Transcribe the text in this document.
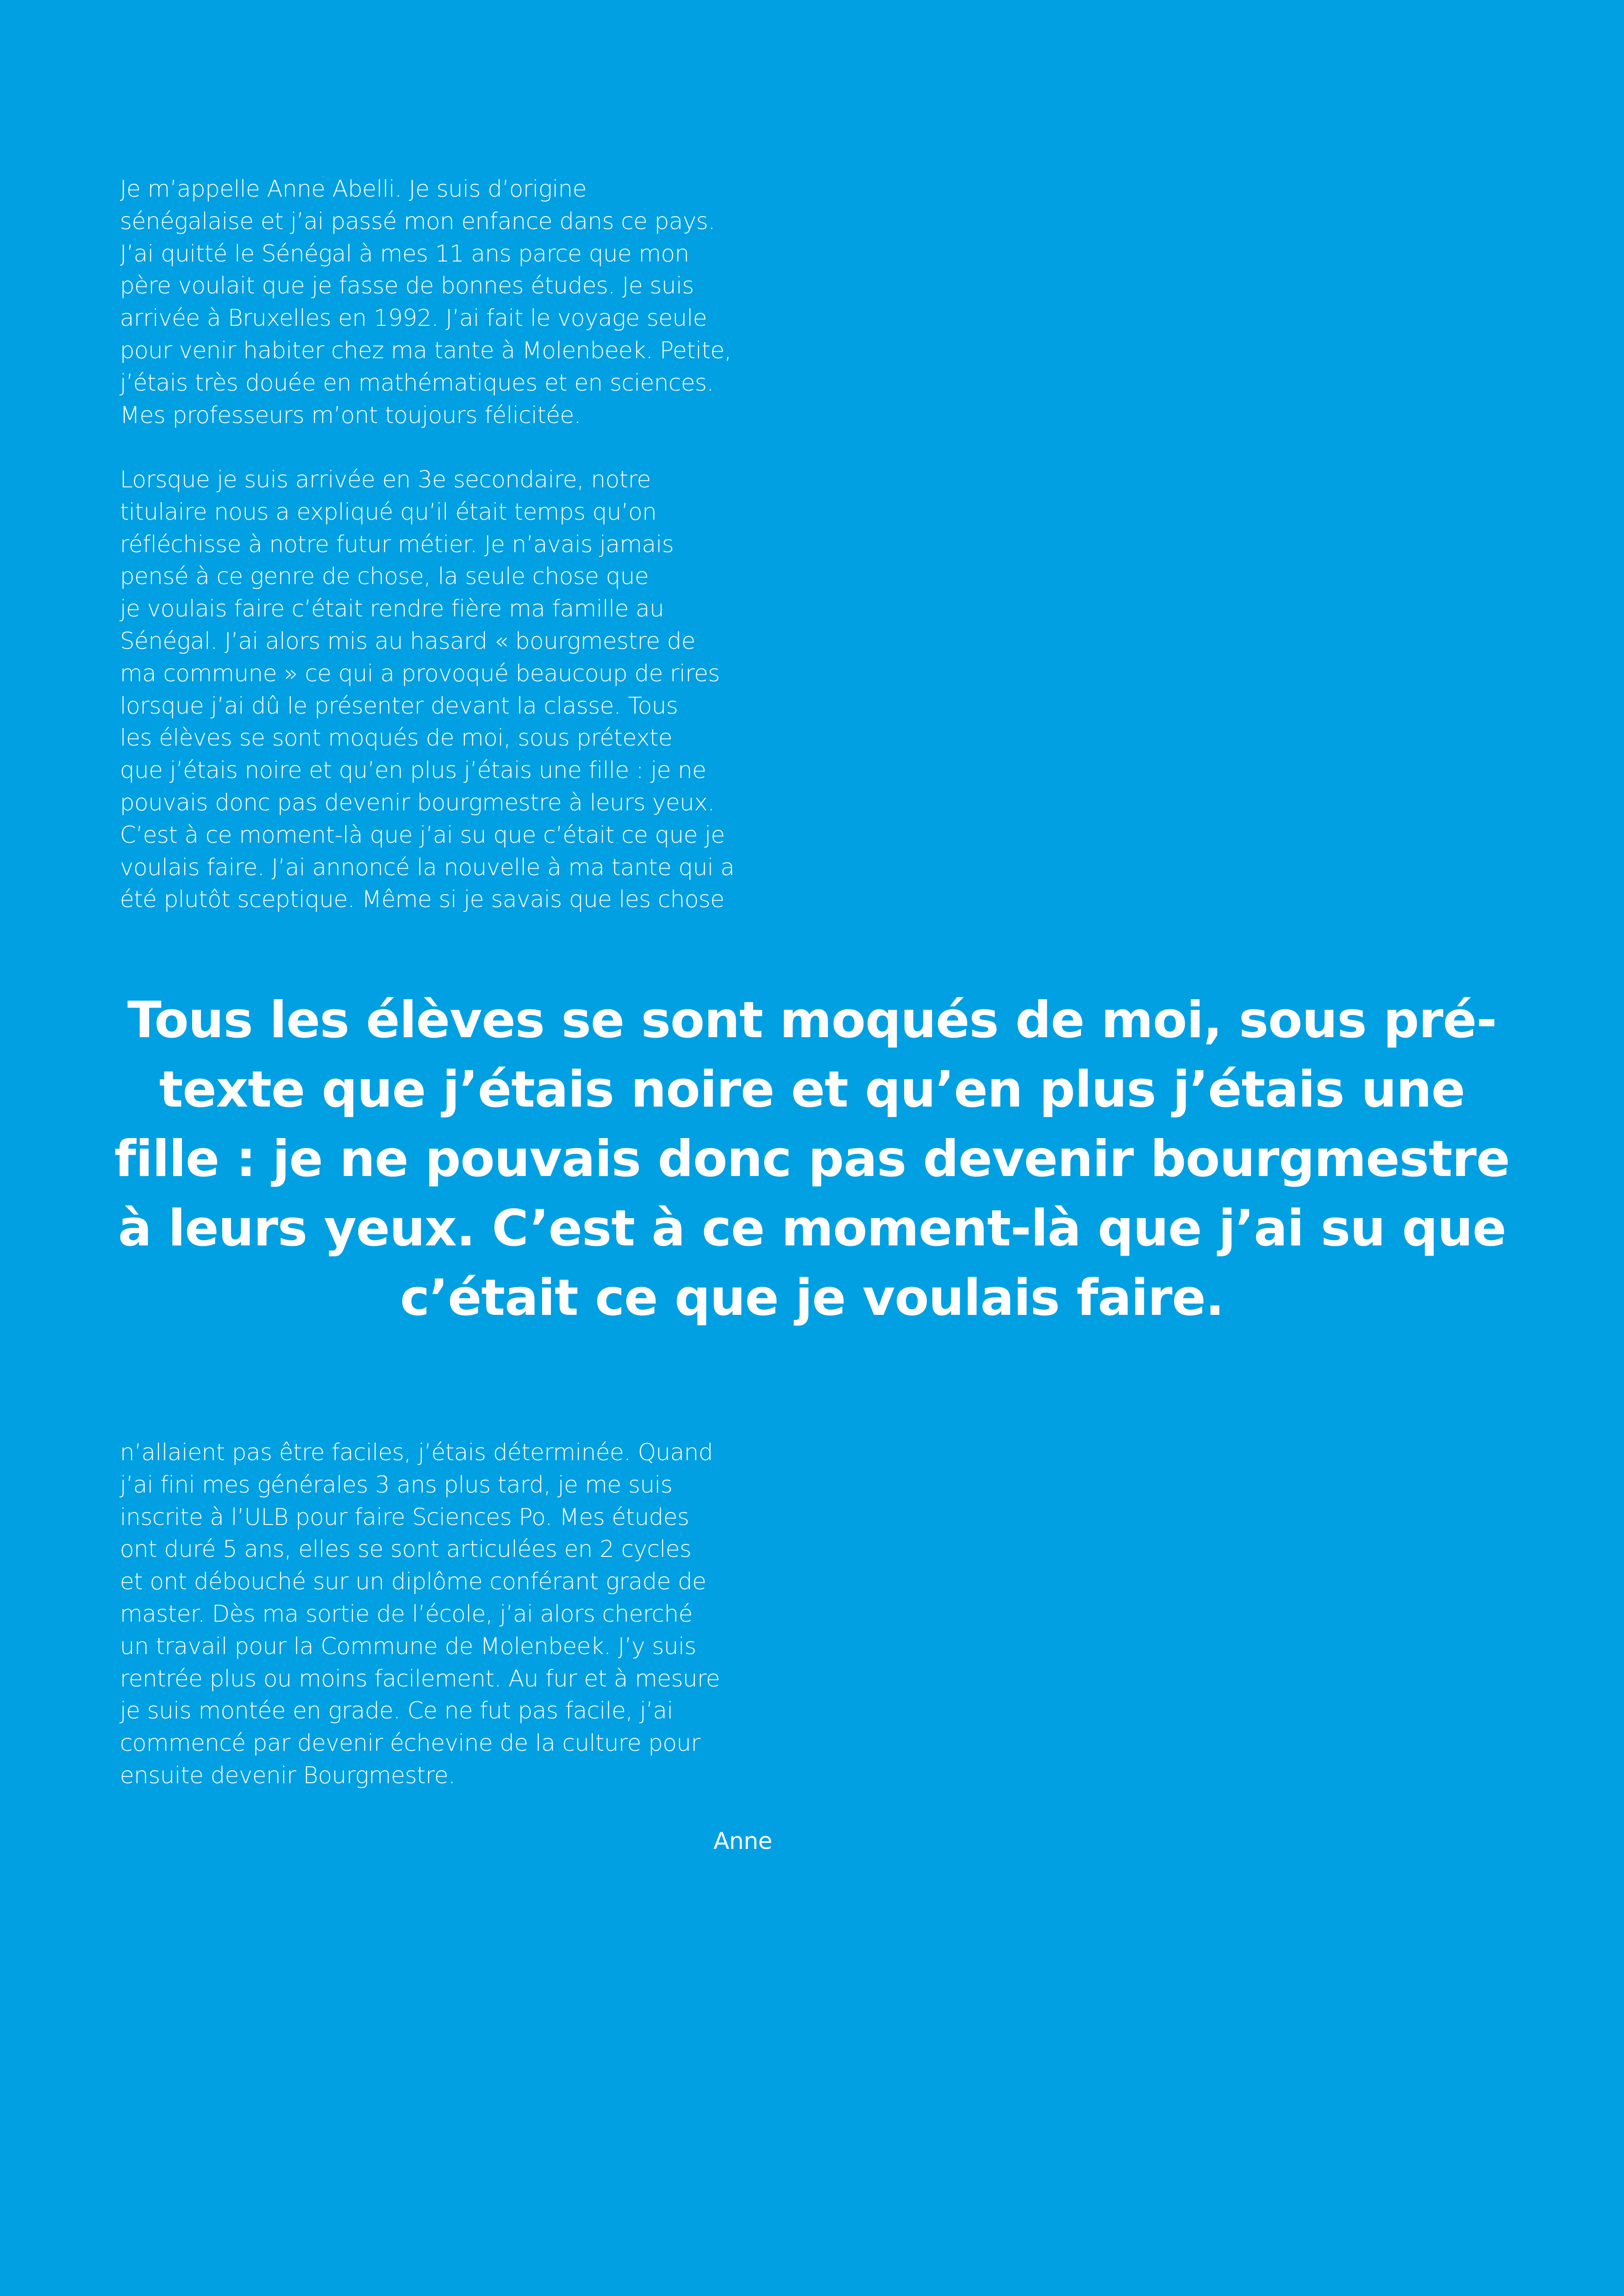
Je m’appelle Anne Abelli. Je suis d’origine
sénégalaise et j’ai passé mon enfance dans ce pays.
J’ai quitté le Sénégal à mes 11 ans parce que mon
père voulait que je fasse de bonnes études. Je suis
arrivée à Bruxelles en 1992. J’ai fait le voyage seule
pour venir habiter chez ma tante à Molenbeek. Petite,
j’étais très douée en mathématiques et en sciences.
Mes professeurs m’ont toujours félicitée.
Lorsque je suis arrivée en 3e secondaire, notre
titulaire nous a expliqué qu’il était temps qu’on
réfléchisse à notre futur métier. Je n’avais jamais
pensé à ce genre de chose, la seule chose que
je voulais faire c’était rendre fière ma famille au
Sénégal. J’ai alors mis au hasard « bourgmestre de
ma commune » ce qui a provoqué beaucoup de rires
lorsque j’ai dû le présenter devant la classe. Tous
les élèves se sont moqués de moi, sous prétexte
que j’étais noire et qu’en plus j’étais une fille : je ne
pouvais donc pas devenir bourgmestre à leurs yeux.
C’est à ce moment-là que j’ai su que c’était ce que je
voulais faire. J’ai annoncé la nouvelle à ma tante qui a
été plutôt sceptique. Même si je savais que les chose
Tous les élèves se sont moqués de moi, sous pré-
texte que j’étais noire et qu’en plus j’étais une
fille : je ne pouvais donc pas devenir bourgmestre
à leurs yeux. C’est à ce moment-là que j’ai su que
c’était ce que je voulais faire.
n’allaient pas être faciles, j’étais déterminée. Quand
j’ai fini mes générales 3 ans plus tard, je me suis
inscrite à l’ULB pour faire Sciences Po. Mes études
ont duré 5 ans, elles se sont articulées en 2 cycles
et ont débouché sur un diplôme conférant grade de
master. Dès ma sortie de l’école, j’ai alors cherché
un travail pour la Commune de Molenbeek. J’y suis
rentrée plus ou moins facilement. Au fur et à mesure
je suis montée en grade. Ce ne fut pas facile, j’ai
commencé par devenir échevine de la culture pour
ensuite devenir Bourgmestre.
Anne
